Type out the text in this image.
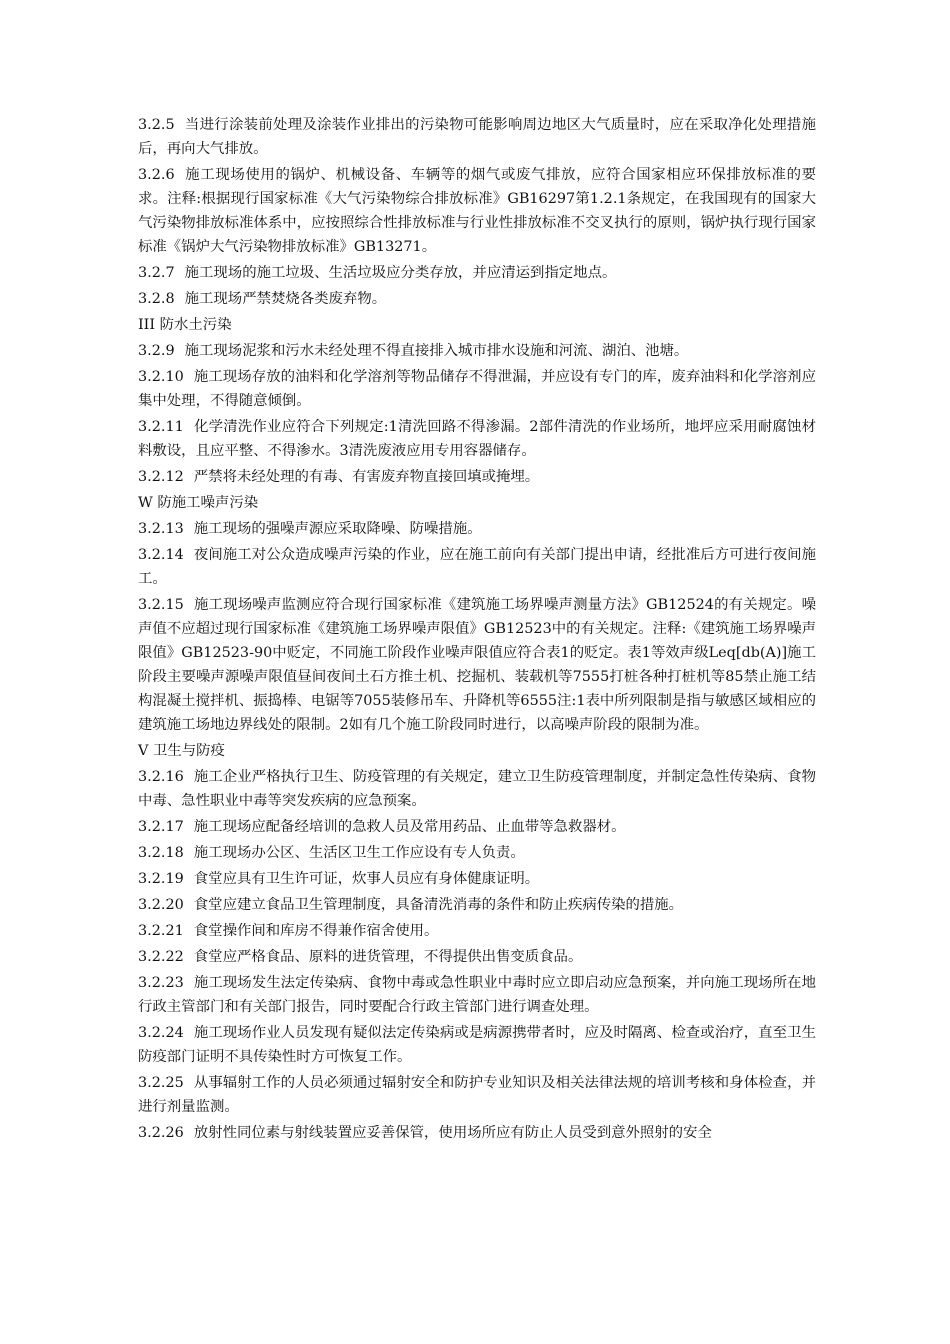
3.2.5 当进行涂装前处理及涂装作业排出的污染物可能影响周边地区大气质量时，应在采取净化处理措施后，再向大气排放。

3.2.6 施工现场使用的锅炉、机械设备、车辆等的烟气或废气排放，应符合国家相应环保排放标准的要求。注释:根据现行国家标准《大气污染物综合排放标准》GB16297第1.2.1条规定，在我国现有的国家大气污染物排放标准体系中，应按照综合性排放标准与行业性排放标准不交叉执行的原则，锅炉执行现行国家标准《锅炉大气污染物排放标准》GB13271。

3.2.7 施工现场的施工垃圾、生活垃圾应分类存放，并应清运到指定地点。

3.2.8 施工现场严禁焚烧各类废弃物。

III 防水土污染

3.2.9 施工现场泥浆和污水未经处理不得直接排入城市排水设施和河流、湖泊、池塘。

3.2.10 施工现场存放的油料和化学溶剂等物品储存不得泄漏，并应设有专门的库，废弃油料和化学溶剂应集中处理，不得随意倾倒。

3.2.11 化学清洗作业应符合下列规定:1清洗回路不得渗漏。2部件清洗的作业场所，地坪应采用耐腐蚀材料敷设，且应平整、不得渗水。3清洗废液应用专用容器储存。

3.2.12 严禁将未经处理的有毒、有害废弃物直接回填或掩埋。

W 防施工噪声污染

3.2.13 施工现场的强噪声源应采取降噪、防噪措施。

3.2.14 夜间施工对公众造成噪声污染的作业，应在施工前向有关部门提出申请，经批准后方可进行夜间施工。

3.2.15 施工现场噪声监测应符合现行国家标准《建筑施工场界噪声测量方法》GB12524的有关规定。噪声值不应超过现行国家标准《建筑施工场界噪声限值》GB12523中的有关规定。注释:《建筑施工场界噪声限值》GB12523-90中贬定，不同施工阶段作业噪声限值应符合表1的贬定。表1等效声级Leq[db(A)]施工阶段主要噪声源噪声限值昼间夜间土石方推土机、挖掘机、装载机等7555打桩各种打桩机等85禁止施工结构混凝土搅拌机、振捣棒、电锯等7055装修吊车、升降机等6555注:1表中所列限制是指与敏感区域相应的建筑施工场地边界线处的限制。2如有几个施工阶段同时进行，以高噪声阶段的限制为准。

V 卫生与防疫

3.2.16 施工企业严格执行卫生、防疫管理的有关规定，建立卫生防疫管理制度，并制定急性传染病、食物中毒、急性职业中毒等突发疾病的应急预案。

3.2.17 施工现场应配备经培训的急救人员及常用药品、止血带等急救器材。

3.2.18 施工现场办公区、生活区卫生工作应设有专人负责。

3.2.19 食堂应具有卫生许可证，炊事人员应有身体健康证明。

3.2.20 食堂应建立食品卫生管理制度，具备清洗消毒的条件和防止疾病传染的措施。

3.2.21 食堂操作间和库房不得兼作宿舍使用。

3.2.22 食堂应严格食品、原料的进货管理，不得提供出售变质食品。

3.2.23 施工现场发生法定传染病、食物中毒或急性职业中毒时应立即启动应急预案，并向施工现场所在地行政主管部门和有关部门报告，同时要配合行政主管部门进行调查处理。

3.2.24 施工现场作业人员发现有疑似法定传染病或是病源携带者时，应及时隔离、检查或治疗，直至卫生防疫部门证明不具传染性时方可恢复工作。

3.2.25 从事辐射工作的人员必须通过辐射安全和防护专业知识及相关法律法规的培训考核和身体检查，并进行剂量监测。

3.2.26 放射性同位素与射线装置应妥善保管，使用场所应有防止人员受到意外照射的安全
